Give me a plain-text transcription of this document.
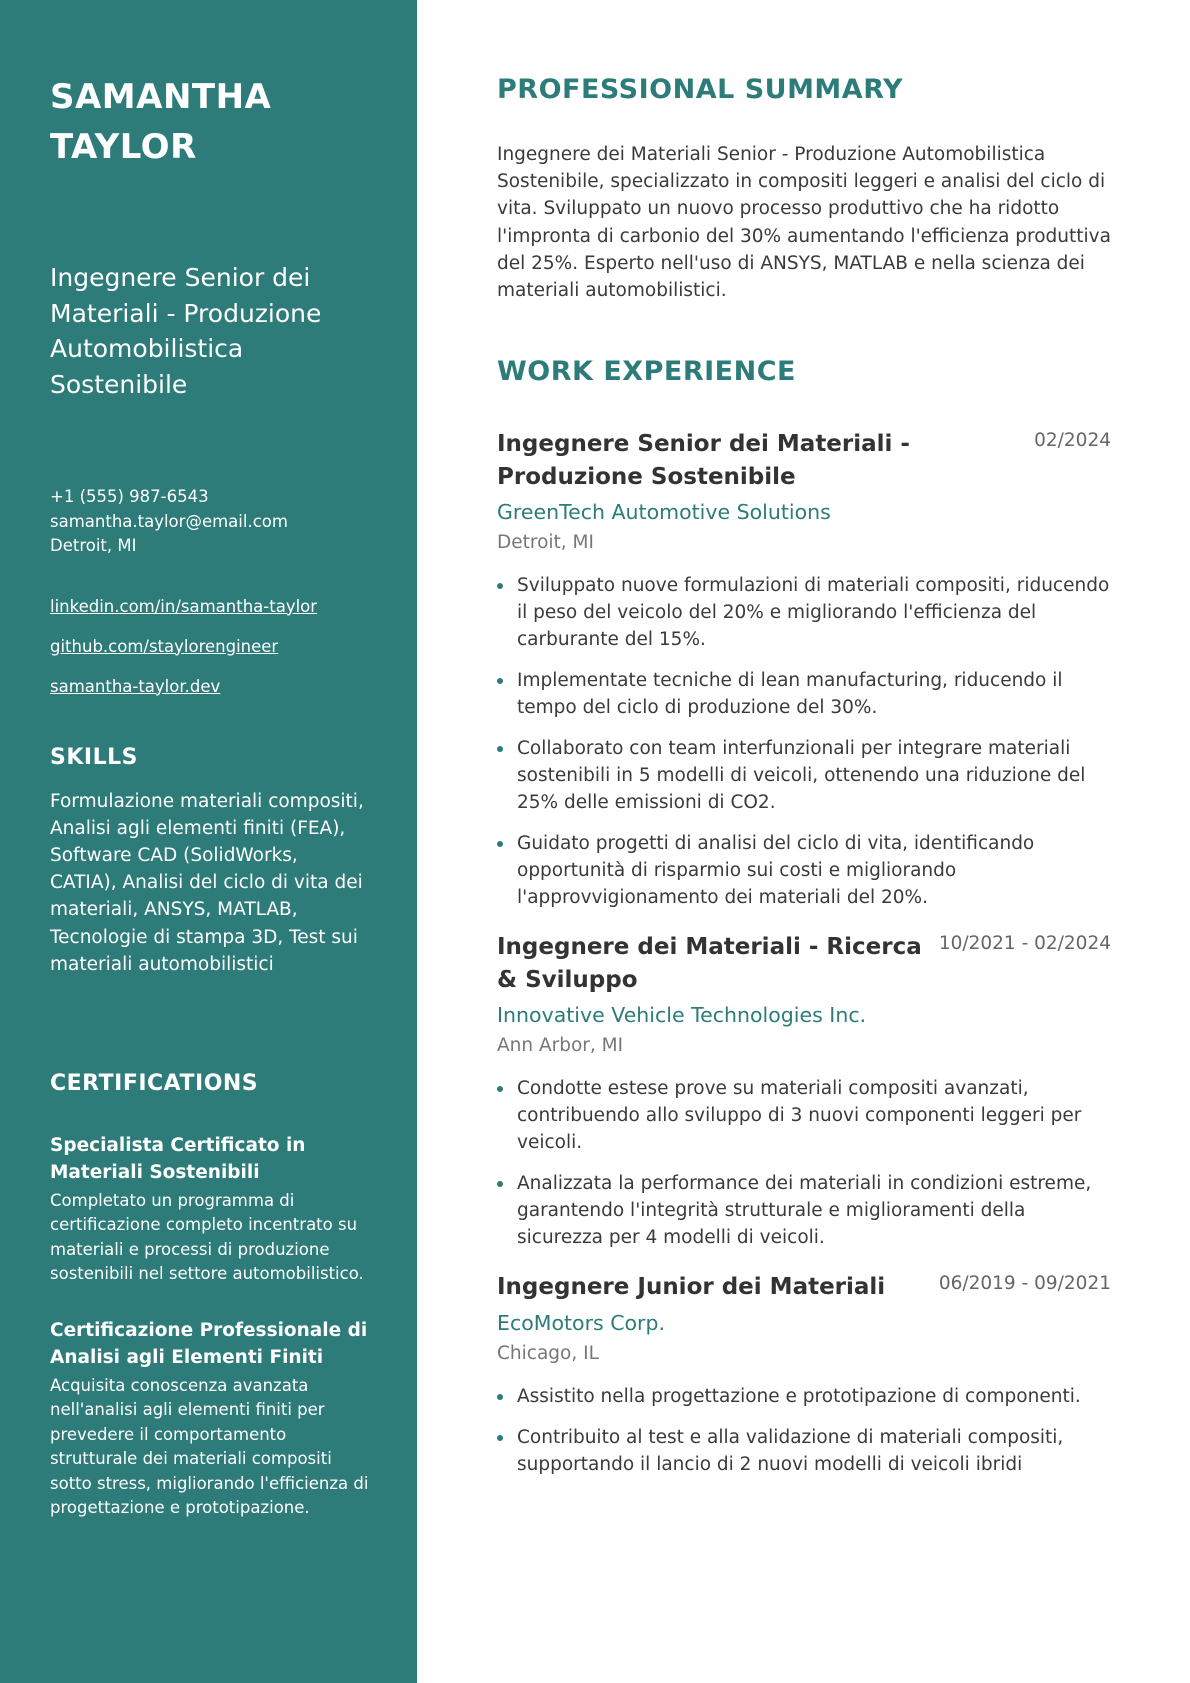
SAMANTHA
TAYLOR
Ingegnere Senior dei Materiali - Produzione Automobilistica Sostenibile
+1 (555) 987-6543
samantha.taylor@email.com
Detroit, MI
linkedin.com/in/samantha-taylor
github.com/staylorengineer
samantha-taylor.dev
SKILLS

Formulazione materiali compositi, Analisi agli elementi finiti (FEA), Software CAD (SolidWorks, CATIA), Analisi del ciclo di vita dei materiali, ANSYS, MATLAB, Tecnologie di stampa 3D, Test sui materiali automobilistici

CERTIFICATIONS
Specialista Certificato in Materiali Sostenibili
Completato un programma di certificazione completo incentrato su materiali e processi di produzione sostenibili nel settore automobilistico.
Certificazione Professionale di Analisi agli Elementi Finiti
Acquisita conoscenza avanzata nell'analisi agli elementi finiti per prevedere il comportamento strutturale dei materiali compositi sotto stress, migliorando l'efficienza di progettazione e prototipazione.
PROFESSIONAL SUMMARY

Ingegnere dei Materiali Senior - Produzione Automobilistica Sostenibile, specializzato in compositi leggeri e analisi del ciclo di vita. Sviluppato un nuovo processo produttivo che ha ridotto l'impronta di carbonio del 30% aumentando l'efficienza produttiva del 25%. Esperto nell'uso di ANSYS, MATLAB e nella scienza dei materiali automobilistici.

WORK EXPERIENCE
Ingegnere Senior dei Materiali - Produzione Sostenibile
02/2024
GreenTech Automotive Solutions
Detroit, MI
Sviluppato nuove formulazioni di materiali compositi, riducendo il peso del veicolo del 20% e migliorando l'efficienza del carburante del 15%.
Implementate tecniche di lean manufacturing, riducendo il tempo del ciclo di produzione del 30%.
Collaborato con team interfunzionali per integrare materiali sostenibili in 5 modelli di veicoli, ottenendo una riduzione del 25% delle emissioni di CO2.
Guidato progetti di analisi del ciclo di vita, identificando opportunità di risparmio sui costi e migliorando l'approvvigionamento dei materiali del 20%.
Ingegnere dei Materiali - Ricerca & Sviluppo
10/2021 - 02/2024
Innovative Vehicle Technologies Inc.
Ann Arbor, MI
Condotte estese prove su materiali compositi avanzati, contribuendo allo sviluppo di 3 nuovi componenti leggeri per veicoli.
Analizzata la performance dei materiali in condizioni estreme, garantendo l'integrità strutturale e miglioramenti della sicurezza per 4 modelli di veicoli.
Ingegnere Junior dei Materiali	06/2019 - 09/2021
EcoMotors Corp.
Chicago, IL
Assistito nella progettazione e prototipazione di componenti.
Contribuito al test e alla validazione di materiali compositi, supportando il lancio di 2 nuovi modelli di veicoli ibridi
